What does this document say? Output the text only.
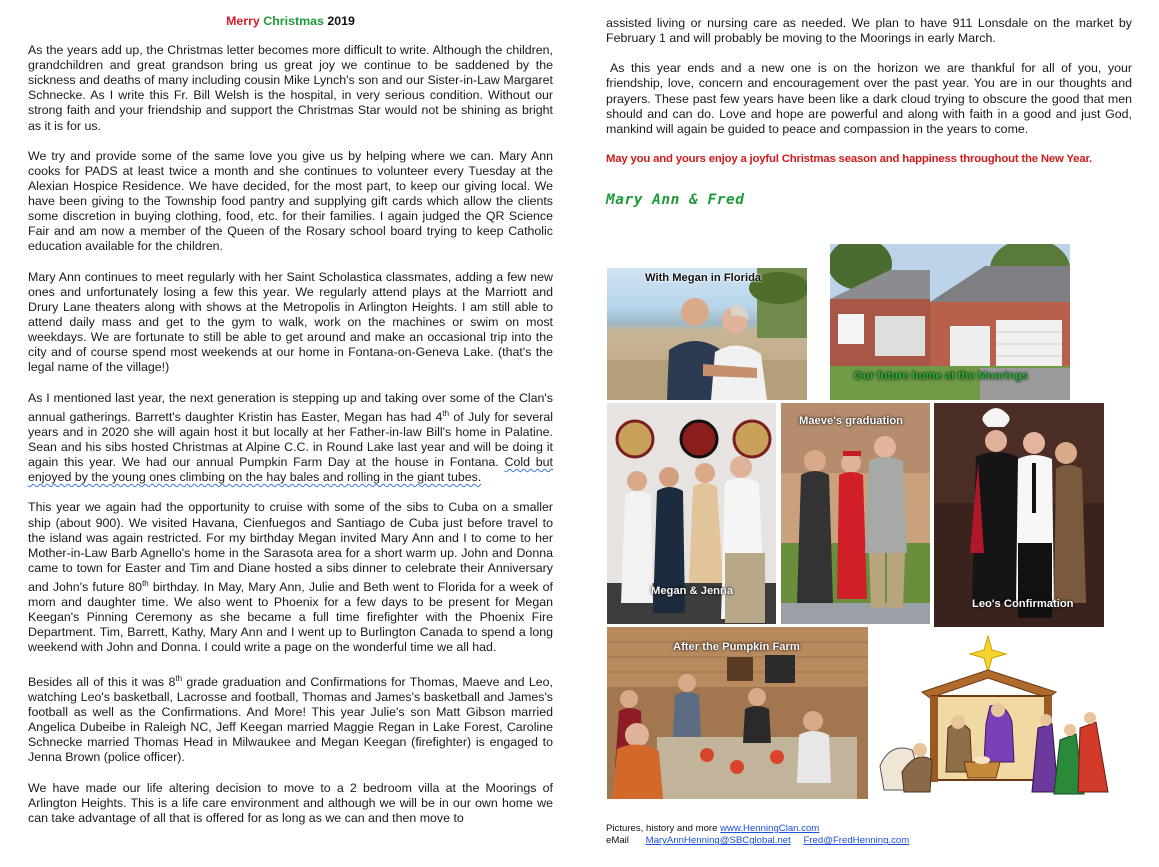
Merry Christmas 2019

As the years add up, the Christmas letter becomes more difficult to write. Although the children, grandchildren and great grandson bring us great joy we continue to be saddened by the sickness and deaths of many including cousin Mike Lynch's son and our Sister-in-Law Margaret Schnecke. As I write this Fr. Bill Welsh is the hospital, in very serious condition. Without our strong faith and your friendship and support the Christmas Star would not be shining as bright as it is for us.

We try and provide some of the same love you give us by helping where we can. Mary Ann cooks for PADS at least twice a month and she continues to volunteer every Tuesday at the Alexian Hospice Residence. We have decided, for the most part, to keep our giving local. We have been giving to the Township food pantry and supplying gift cards which allow the clients some discretion in buying clothing, food, etc. for their families. I again judged the QR Science Fair and am now a member of the Queen of the Rosary school board trying to keep Catholic education available for the children.

Mary Ann continues to meet regularly with her Saint Scholastica classmates, adding a few new ones and unfortunately losing a few this year. We regularly attend plays at the Marriott and Drury Lane theaters along with shows at the Metropolis in Arlington Heights. I am still able to attend daily mass and get to the gym to walk, work on the machines or swim on most weekdays. We are fortunate to still be able to get around and make an occasional trip into the city and of course spend most weekends at our home in Fontana-on-Geneva Lake. (that's the legal name of the village!)

As I mentioned last year, the next generation is stepping up and taking over some of the Clan's annual gatherings. Barrett's daughter Kristin has Easter, Megan has had 4th of July for several years and in 2020 she will again host it but locally at her Father-in-law Bill's home in Palatine. Sean and his sibs hosted Christmas at Alpine C.C. in Round Lake last year and will be doing it again this year. We had our annual Pumpkin Farm Day at the house in Fontana. Cold but enjoyed by the young ones climbing on the hay bales and rolling in the giant tubes.

This year we again had the opportunity to cruise with some of the sibs to Cuba on a smaller ship (about 900). We visited Havana, Cienfuegos and Santiago de Cuba just before travel to the island was again restricted. For my birthday Megan invited Mary Ann and I to come to her Mother-in-Law Barb Agnello's home in the Sarasota area for a short warm up. John and Donna came to town for Easter and Tim and Diane hosted a sibs dinner to celebrate their Anniversary and John's future 80th birthday. In May, Mary Ann, Julie and Beth went to Florida for a week of mom and daughter time. We also went to Phoenix for a few days to be present for Megan Keegan's Pinning Ceremony as she became a full time firefighter with the Phoenix Fire Department. Tim, Barrett, Kathy, Mary Ann and I went up to Burlington Canada to spend a long weekend with John and Donna. I could write a page on the wonderful time we all had.

Besides all of this it was 8th grade graduation and Confirmations for Thomas, Maeve and Leo, watching Leo's basketball, Lacrosse and football, Thomas and James's basketball and James's football as well as the Confirmations. And More! This year Julie's son Matt Gibson married Angelica Dubeibe in Raleigh NC, Jeff Keegan married Maggie Regan in Lake Forest, Caroline Schnecke married Thomas Head in Milwaukee and Megan Keegan (firefighter) is engaged to Jenna Brown (police officer).

We have made our life altering decision to move to a 2 bedroom villa at the Moorings of Arlington Heights. This is a life care environment and although we will be in our own home we can take advantage of all that is offered for as long as we can and then move to

assisted living or nursing care as needed. We plan to have 911 Lonsdale on the market by February 1 and will probably be moving to the Moorings in early March.

As this year ends and a new one is on the horizon we are thankful for all of you, your friendship, love, concern and encouragement over the past year. You are in our thoughts and prayers. These past few years have been like a dark cloud trying to obscure the good that men should and can do. Love and hope are powerful and along with faith in a good and just God, mankind will again be guided to peace and compassion in the years to come.

May you and yours enjoy a joyful Christmas season and happiness throughout the New Year.
Mary Ann & Fred
With Megan in Florida
Our future home at the Moorings
Megan & Jenna
Maeve's graduation
Leo's Confirmation
After the Pumpkin Farm
Pictures, history and more www.HenningClan.com
eMail MaryAnnHenning@SBCglobal.net Fred@FredHenning.com
